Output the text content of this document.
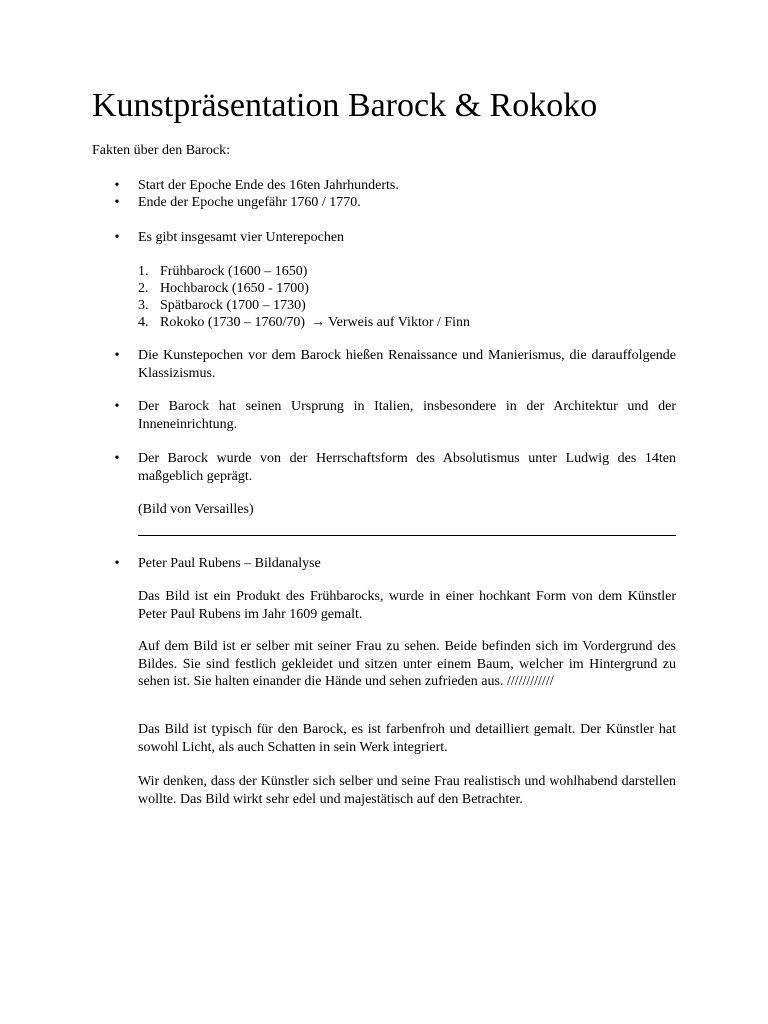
Kunstpräsentation Barock & Rokoko

Fakten über den Barock:

• Start der Epoche Ende des 16ten Jahrhunderts.
• Ende der Epoche ungefähr 1760 / 1770.
• Es gibt insgesamt vier Unterepochen
1. Frühbarock (1600 – 1650)
2. Hochbarock (1650 - 1700)
3. Spätbarock (1700 – 1730)
4. Rokoko (1730 – 1760/70) → Verweis auf Viktor / Finn
• Die Kunstepochen vor dem Barock hießen Renaissance und Manierismus, die darauffolgende Klassizismus.
• Der Barock hat seinen Ursprung in Italien, insbesondere in der Architektur und der Inneneinrichtung.
• Der Barock wurde von der Herrschaftsform des Absolutismus unter Ludwig des 14ten maßgeblich geprägt.

(Bild von Versailles)

• Peter Paul Rubens – Bildanalyse

Das Bild ist ein Produkt des Frühbarocks, wurde in einer hochkant Form von dem Künstler Peter Paul Rubens im Jahr 1609 gemalt.

Auf dem Bild ist er selber mit seiner Frau zu sehen. Beide befinden sich im Vordergrund des Bildes. Sie sind festlich gekleidet und sitzen unter einem Baum, welcher im Hintergrund zu sehen ist. Sie halten einander die Hände und sehen zufrieden aus. ////////////

Das Bild ist typisch für den Barock, es ist farbenfroh und detailliert gemalt. Der Künstler hat sowohl Licht, als auch Schatten in sein Werk integriert.

Wir denken, dass der Künstler sich selber und seine Frau realistisch und wohlhabend darstellen wollte. Das Bild wirkt sehr edel und majestätisch auf den Betrachter.
